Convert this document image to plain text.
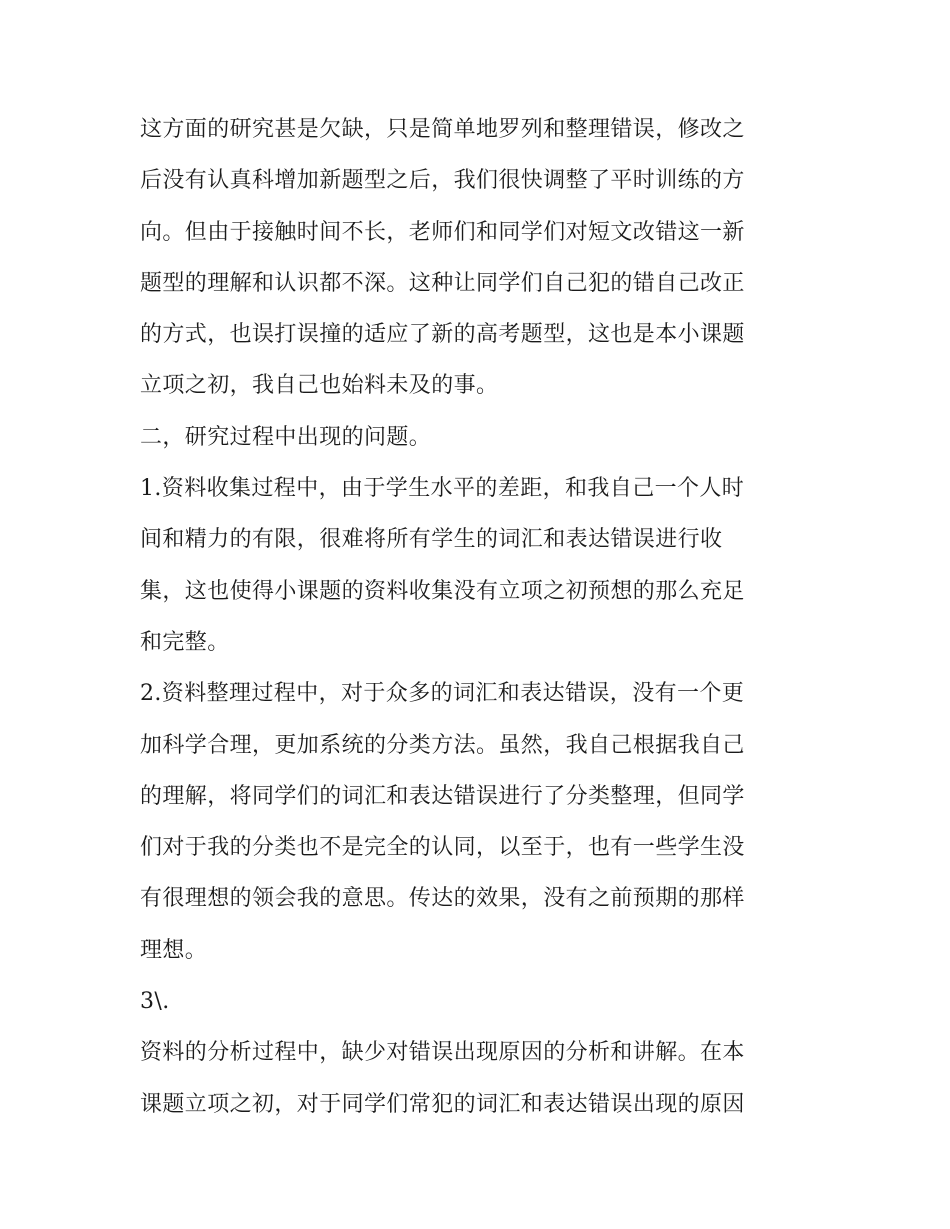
这方面的研究甚是欠缺，只是简单地罗列和整理错误，修改之
后没有认真科增加新题型之后，我们很快调整了平时训练的方
向。但由于接触时间不长，老师们和同学们对短文改错这一新
题型的理解和认识都不深。这种让同学们自己犯的错自己改正
的方式，也误打误撞的适应了新的高考题型，这也是本小课题
立项之初，我自己也始料未及的事。
二，研究过程中出现的问题。
1.资料收集过程中，由于学生水平的差距，和我自己一个人时
间和精力的有限，很难将所有学生的词汇和表达错误进行收
集，这也使得小课题的资料收集没有立项之初预想的那么充足
和完整。
2.资料整理过程中，对于众多的词汇和表达错误，没有一个更
加科学合理，更加系统的分类方法。虽然，我自己根据我自己
的理解，将同学们的词汇和表达错误进行了分类整理，但同学
们对于我的分类也不是完全的认同，以至于，也有一些学生没
有很理想的领会我的意思。传达的效果，没有之前预期的那样
理想。
3\.
资料的分析过程中，缺少对错误出现原因的分析和讲解。在本
课题立项之初，对于同学们常犯的词汇和表达错误出现的原因
